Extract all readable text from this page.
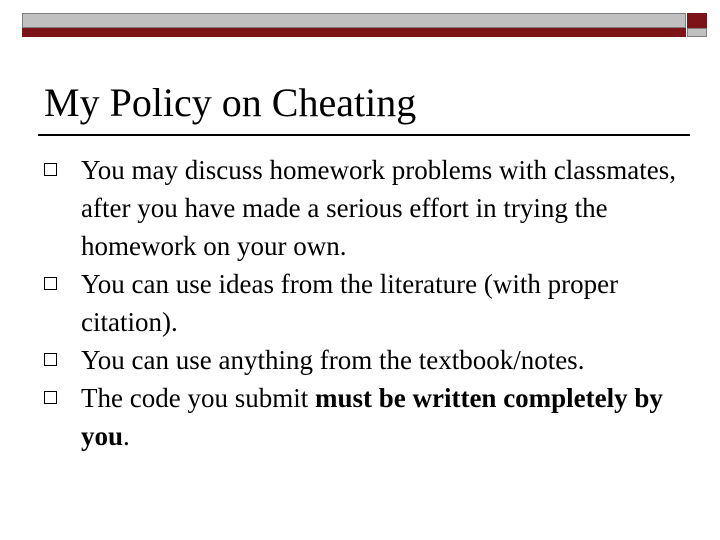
My Policy on Cheating
You may discuss homework problems with classmates, after you have made a serious effort in trying the homework on your own.
You can use ideas from the literature (with proper citation).
You can use anything from the textbook/notes.
The code you submit must be written completely by you.
